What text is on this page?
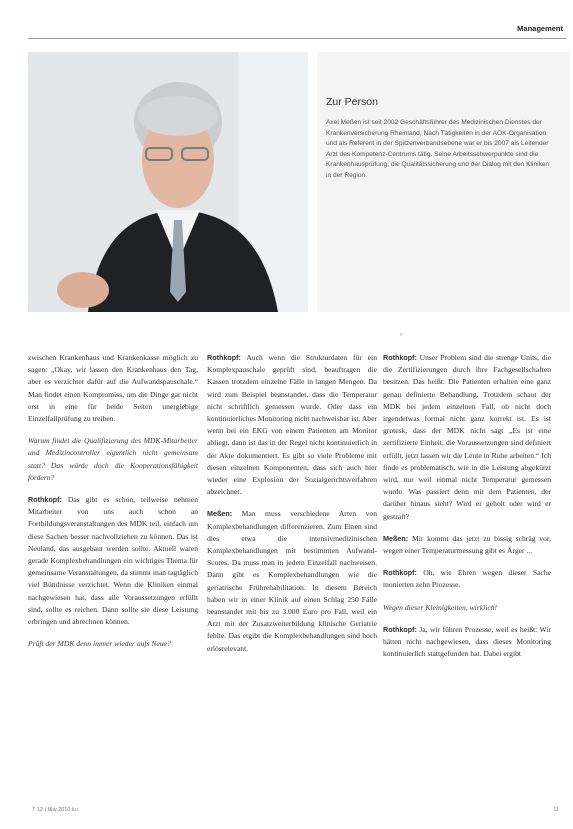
Management
Zur Person

Axel Meßen ist seit 2002 Geschäftsführer des Medizinischen Dienstes der Krankenversicherung Rheinland, Nach Tätigkeiten in der AOK-Organisation und als Referent in der Spitzenverbandsebene war er bis 2007 als Leitender Arzt des Kompetenz-Centrums tätig. Seine Arbeitsschwerpunkte sind die Krankenhausprüfung, die Qualitätssicherung und der Dialog mit den Kliniken in der Region.

x

zwischen Krankenhaus und Krankenkasse möglich zu sagen: „Okay, wir lassen den Krankenhaus den Tag, aber es verzichtet dafür auf die Aufwandspauschale.“ Man findet einen Kompromiss, um die Dinge gar nicht erst in eine für beide Seiten unergiebige Einzelfallprüfung zu treiben.

Warum findet die Qualifizierung des MDK-Mitarbeiter und Medizincontroller eigentlich nicht gemeinsam statt? Das würde doch die Kooperationsfähigkeit fördern?

Rothkopf: Das gibt es schon, teilweise nehmen Mitarbeiter von uns auch schon an Fortbildungsveranstaltungen des MDK teil, einfach um diese Sachen besser nachvollziehen zu können. Das ist Neuland, das ausgebaut werden sollte. Aktuell waren gerade Komplexbehandlungen ein wichtiges Thema für gemeinsame Veranstaltungen, da stimmt man tagtäglich viel Bündnisse verzichtet. Wenn die Kliniken einmal nachgewiesen hat, dass alle Voraussetzungen erfüllt sind, sollte es reichen. Dann sollte sie diese Leistung erbringen und abrechnen können.

Prüft der MDK denn immer wieder aufs Neue?

Rothkopf: Auch wenn die Strukturdaten für ein Komplexpauschale geprüft sind, beauftragen die Kassen trotzdem einzelne Fälle in langen Mengen. Da wird zum Beispiel beanstandet, dass die Temperatur nicht schriftlich gemessen wurde. Oder dass ein kontinuierliches Monitoring nicht nachweisbar ist. Aber wenn bei ein EKG von einem Patienten am Monitor abliegt, dann ist das in der Regel nicht kontinuierlich in der Akte dokumentiert. Es gibt so viele Probleme mit diesen einzelnen Komponenten, dass sich auch hier wieder eine Explosion der Sozialgerichtsverfahren abzeichnet.

Meßen: Man muss verschiedene Arten von Komplexbehandlungen differenzieren. Zum Einen sind dies etwa die intensivmedizinischen Komplexbehandlungen mit bestimmten Aufwand-Scores. Da muss man in jedem Einzelfall nachweisen. Dann gibt es Komplexbehandlungen wie die geriatrische Frührehabilitation. In diesem Bereich haben wir in einer Klinik auf einen Schlag 250 Fälle beanstandet mit bis zu 3.000 Euro pro Fall, weil ein Arzt mit der Zusatzweiterbildung klinische Geriatrie fehlte. Das ergibt die Komplexbehandlungen sind hoch erlösrelevant.

Rothkopf: Unser Problem sind die strenge Units, die die Zertifizierungen durch ihre Fachgesellschaften besitzen. Das heißt: Die Patienten erhalten eine ganz genau definierte Behandlung. Trotzdem schaut der MDK bei jedem einzelnen Fall, ob nicht doch irgendetwas formal nicht ganz korrekt ist. Es ist grotesk, dass der MDK nicht sagt „Es ist eine zertifizierte Einheit, die Voraussetzungen sind definiert erfüllt, jetzt lassen wir die Leute in Ruhe arbeiten.“ Ich finde es problematisch, wie in die Leistung abgekürzt wird, nur weil einmal nicht Temperatur gemessen wurde. Was passiert denn mit dem Patienten, der darüber hinaus sieht? Wird er geholt oder wird er gestraft?

Meßen: Mir kommt das jetzt zu bissig schräg vor, wegen einer Temperaturmessung gibt es Ärger ...

Rothkopf: Oh, wie Ehren wegen dieser Sache monierten zehn Prozesse.

Wegen dieser Kleinigkeiten, wirklich!

Rothkopf: Ja, wir führen Prozesse, weil es heißt: Wir hätten nicht nachgewiesen, dass dieses Monitoring kontinuierlich stattgefunden hat. Dabei ergibt

7·12 | f&w 2010 ku	11
